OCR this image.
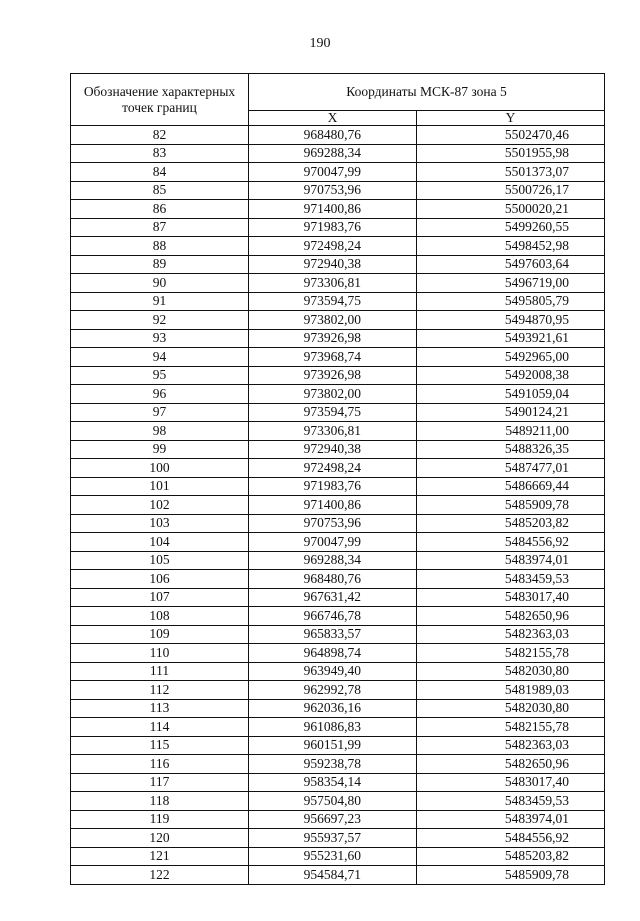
190
Обозначение характерных точек границ	Координаты МСК-87 зона 5	
	X	Y
82	968480,76	5502470,46
83	969288,34	5501955,98
84	970047,99	5501373,07
85	970753,96	5500726,17
86	971400,86	5500020,21
87	971983,76	5499260,55
88	972498,24	5498452,98
89	972940,38	5497603,64
90	973306,81	5496719,00
91	973594,75	5495805,79
92	973802,00	5494870,95
93	973926,98	5493921,61
94	973968,74	5492965,00
95	973926,98	5492008,38
96	973802,00	5491059,04
97	973594,75	5490124,21
98	973306,81	5489211,00
99	972940,38	5488326,35
100	972498,24	5487477,01
101	971983,76	5486669,44
102	971400,86	5485909,78
103	970753,96	5485203,82
104	970047,99	5484556,92
105	969288,34	5483974,01
106	968480,76	5483459,53
107	967631,42	5483017,40
108	966746,78	5482650,96
109	965833,57	5482363,03
110	964898,74	5482155,78
111	963949,40	5482030,80
112	962992,78	5481989,03
113	962036,16	5482030,80
114	961086,83	5482155,78
115	960151,99	5482363,03
116	959238,78	5482650,96
117	958354,14	5483017,40
118	957504,80	5483459,53
119	956697,23	5483974,01
120	955937,57	5484556,92
121	955231,60	5485203,82
122	954584,71	5485909,78
